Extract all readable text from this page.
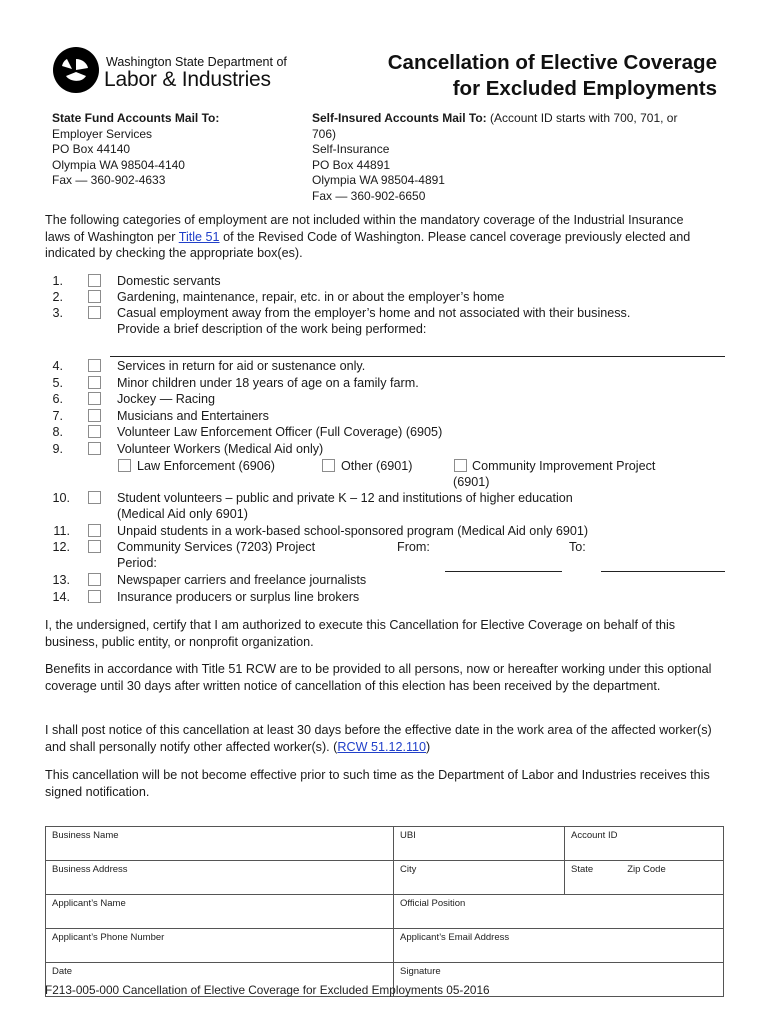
Washington State Department of
Labor & Industries
Cancellation of Elective Coverage
for Excluded Employments
State Fund Accounts Mail To:
Employer Services
PO Box 44140
Olympia WA 98504-4140
Fax — 360-902-4633
Self-Insured Accounts Mail To: (Account ID starts with 700, 701, or
706)
Self-Insurance
PO Box 44891
Olympia WA 98504-4891
Fax — 360-902-6650
The following categories of employment are not included within the mandatory coverage of the Industrial Insurance laws of Washington per Title 51 of the Revised Code of Washington. Please cancel coverage previously elected and indicated by checking the appropriate box(es).
1.	Domestic servants
2.	Gardening, maintenance, repair, etc. in or about the employer’s home
3.	Casual employment away from the employer’s home and not associated with their business.
Provide a brief description of the work being performed:
4.	Services in return for aid or sustenance only.
5.	Minor children under 18 years of age on a family farm.
6.	Jockey — Racing
7.	Musicians and Entertainers
8.	Volunteer Law Enforcement Officer (Full Coverage) (6905)
9.	Volunteer Workers (Medical Aid only)
Law Enforcement (6906)	Other (6901)	Community Improvement Project
(6901)
10.	Student volunteers – public and private K – 12 and institutions of higher education
(Medical Aid only 6901)
11.	Unpaid students in a work-based school-sponsored program (Medical Aid only 6901)
12.	Community Services (7203) Project
Period:
From:	To:
13.	Newspaper carriers and freelance journalists
14.	Insurance producers or surplus line brokers
I, the undersigned, certify that I am authorized to execute this Cancellation for Elective Coverage on behalf of this business, public entity, or nonprofit organization.
Benefits in accordance with Title 51 RCW are to be provided to all persons, now or hereafter working under this optional coverage until 30 days after written notice of cancellation of this election has been received by the department.
I shall post notice of this cancellation at least 30 days before the effective date in the work area of the affected worker(s) and shall personally notify other affected worker(s). (RCW 51.12.110)
This cancellation will be not become effective prior to such time as the Department of Labor and Industries receives this signed notification.
Business Name	UBI	Account ID
Business Address	City	State Zip Code
Applicant’s Name	Official Position	
Applicant’s Phone Number	Applicant’s Email Address	
Date	Signature	
F213-005-000 Cancellation of Elective Coverage for Excluded Employments 05-2016
